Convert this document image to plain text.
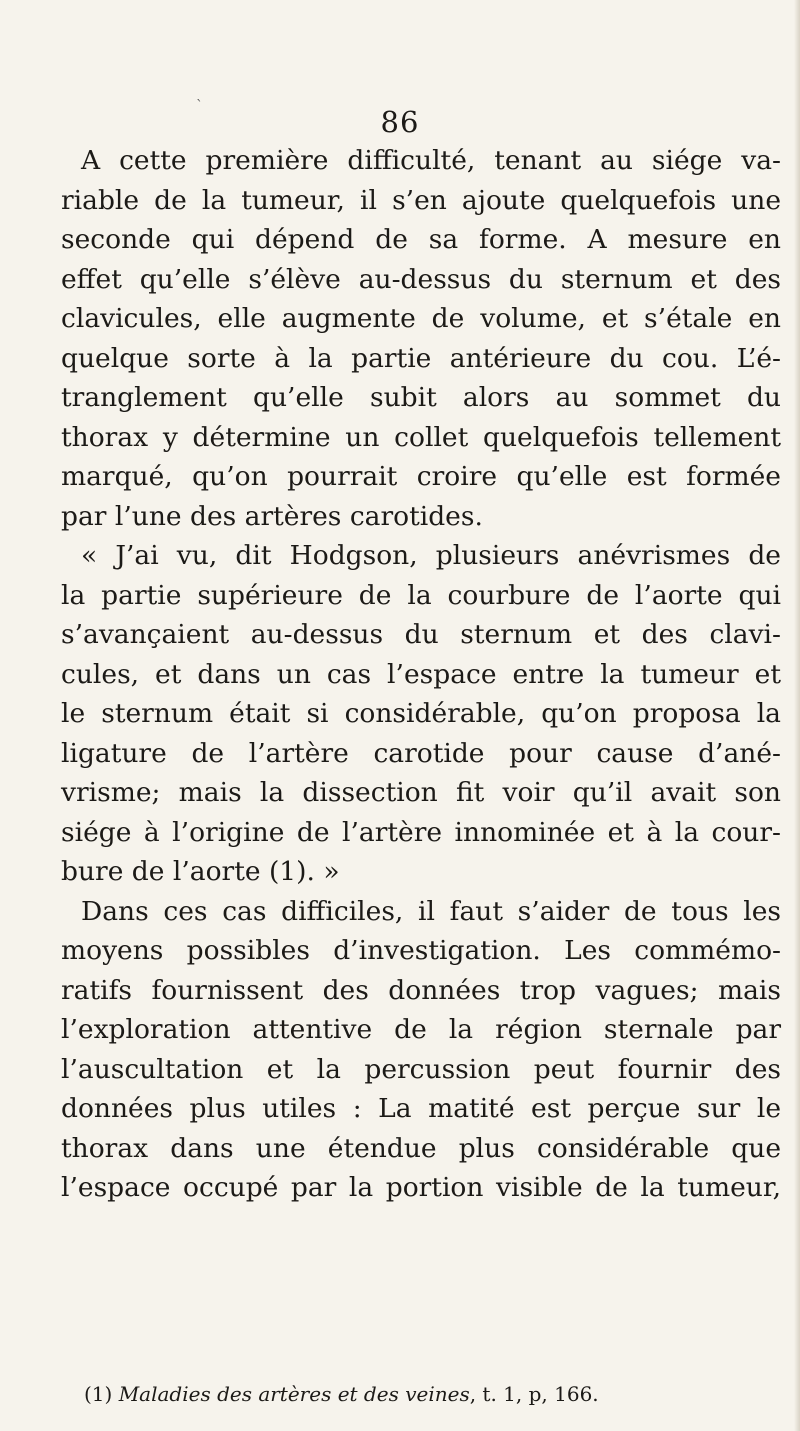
`	86
A cette première difficulté, tenant au siége va-
riable de la tumeur, il s’en ajoute quelquefois une
seconde qui dépend de sa forme. A mesure en
effet qu’elle s’élève au-dessus du sternum et des
clavicules, elle augmente de volume, et s’étale en
quelque sorte à la partie antérieure du cou. L’é-
tranglement qu’elle subit alors au sommet du
thorax y détermine un collet quelquefois tellement
marqué, qu’on pourrait croire qu’elle est formée
par l’une des artères carotides.
« J’ai vu, dit Hodgson, plusieurs anévrismes de
la partie supérieure de la courbure de l’aorte qui
s’avançaient au-dessus du sternum et des clavi-
cules, et dans un cas l’espace entre la tumeur et
le sternum était si considérable, qu’on proposa la
ligature de l’artère carotide pour cause d’ané-
vrisme; mais la dissection fit voir qu’il avait son
siége à l’origine de l’artère innominée et à la cour-
bure de l’aorte (1). »
Dans ces cas difficiles, il faut s’aider de tous les
moyens possibles d’investigation. Les commémo-
ratifs fournissent des données trop vagues; mais
l’exploration attentive de la région sternale par
l’auscultation et la percussion peut fournir des
données plus utiles : La matité est perçue sur le
thorax dans une étendue plus considérable que
l’espace occupé par la portion visible de la tumeur,
(1) Maladies des artères et des veines, t. 1, p, 166.
